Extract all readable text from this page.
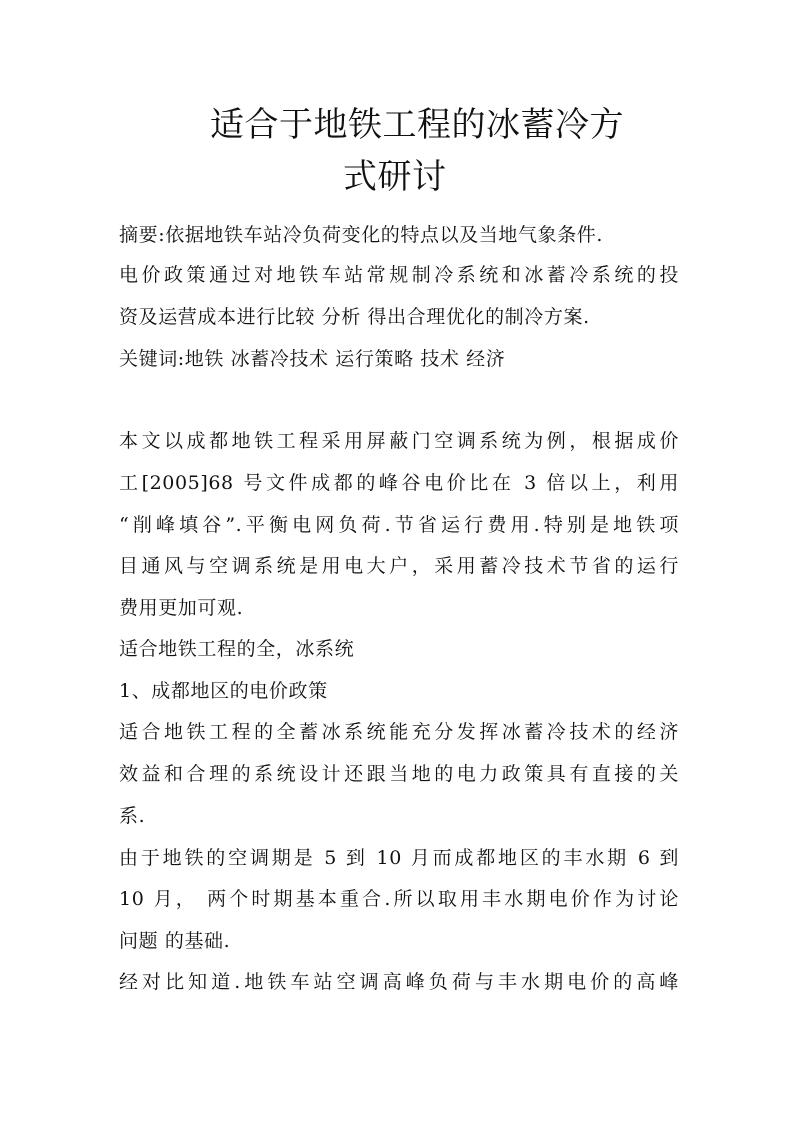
适合于地铁工程的冰蓄冷方
式研讨
摘要:依据地铁车站冷负荷变化的特点以及当地气象条件.
电价政策通过对地铁车站常规制冷系统和冰蓄冷系统的投
资及运营成本进行比较 分析 得出合理优化的制冷方案.
关键词:地铁 冰蓄冷技术 运行策略 技术 经济
本文以成都地铁工程采用屏蔽门空调系统为例，根据成价
工[2005]68 号文件成都的峰谷电价比在 3 倍以上，利用
“削峰填谷”.平衡电网负荷.节省运行费用.特别是地铁项
目通风与空调系统是用电大户，采用蓄冷技术节省的运行
费用更加可观.
适合地铁工程的全，冰系统
1、成都地区的电价政策
适合地铁工程的全蓄冰系统能充分发挥冰蓄冷技术的经济
效益和合理的系统设计还跟当地的电力政策具有直接的关
系.
由于地铁的空调期是 5 到 10 月而成都地区的丰水期 6 到
10 月， 两个时期基本重合.所以取用丰水期电价作为讨论
问题 的基础.
经对比知道.地铁车站空调高峰负荷与丰水期电价的高峰
